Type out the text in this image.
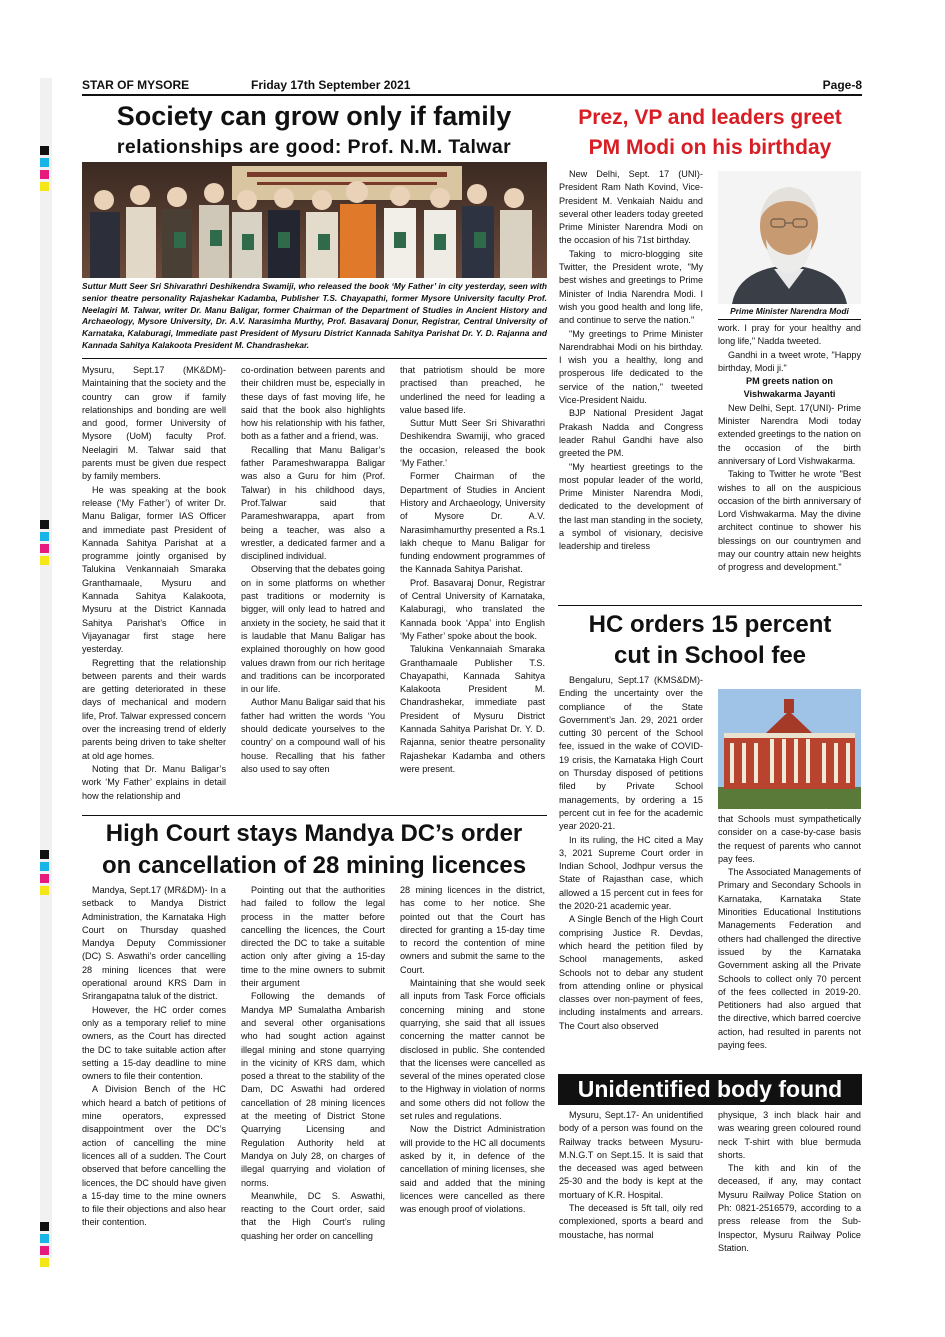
STAR OF MYSORE	Friday 17th September 2021	Page-8
Society can grow only if family
relationships are good: Prof. N.M. Talwar
Suttur Mutt Seer Sri Shivarathri Deshikendra Swamiji, who released the book ‘My Father’ in city yesterday, seen with senior theatre personality Rajashekar Kadamba, Publisher T.S. Chayapathi, former Mysore University faculty Prof. Neelagiri M. Talwar, writer Dr. Manu Baligar, former Chairman of the Department of Studies in Ancient History and Archaeology, Mysore University, Dr. A.V. Narasimha Murthy, Prof. Basavaraj Donur, Registrar, Central University of Karnataka, Kalaburagi, Immediate past President of Mysuru District Kannada Sahitya Parishat Dr. Y. D. Rajanna and Kannada Sahitya Kalakoota President M. Chandrashekar.

Mysuru, Sept.17 (MK&DM)- Maintaining that the society and the country can grow if family relationships and bonding are well and good, former University of Mysore (UoM) faculty Prof. Neelagiri M. Talwar said that parents must be given due respect by family members.

He was speaking at the book release (‘My Father’) of writer Dr. Manu Baligar, former IAS Officer and immediate past President of Kannada Sahitya Parishat at a programme jointly organised by Talukina Venkannaiah Smaraka Granthamaale, Mysuru and Kannada Sahitya Kalakoota, Mysuru at the District Kannada Sahitya Parishat’s Office in Vijayanagar first stage here yesterday.

Regretting that the relationship between parents and their wards are getting deteriorated in these days of mechanical and modern life, Prof. Talwar expressed concern over the increasing trend of elderly parents being driven to take shelter at old age homes.

Noting that Dr. Manu Baligar’s work ‘My Father’ explains in detail how the relationship and

co-ordination between parents and their children must be, especially in these days of fast moving life, he said that the book also highlights how his relationship with his father, both as a father and a friend, was.

Recalling that Manu Baligar’s father Parameshwarappa Baligar was also a Guru for him (Prof. Talwar) in his childhood days, Prof.Talwar said that Parameshwarappa, apart from being a teacher, was also a wrestler, a dedicated farmer and a disciplined individual.

Observing that the debates going on in some platforms on whether past traditions or modernity is bigger, will only lead to hatred and anxiety in the society, he said that it is laudable that Manu Baligar has explained thoroughly on how good values drawn from our rich heritage and traditions can be incorporated in our life.

Author Manu Baligar said that his father had written the words ‘You should dedicate yourselves to the country’ on a compound wall of his house. Recalling that his father also used to say often

that patriotism should be more practised than preached, he underlined the need for leading a value based life.

Suttur Mutt Seer Sri Shivarathri Deshikendra Swamiji, who graced the occasion, released the book ‘My Father.’

Former Chairman of the Department of Studies in Ancient History and Archaeology, University of Mysore Dr. A.V. Narasimhamurthy presented a Rs.1 lakh cheque to Manu Baligar for funding endowment programmes of the Kannada Sahitya Parishat.

Prof. Basavaraj Donur, Registrar of Central University of Karnataka, Kalaburagi, who translated the Kannada book ‘Appa’ into English ‘My Father’ spoke about the book.

Talukina Venkannaiah Smaraka Granthamaale Publisher T.S. Chayapathi, Kannada Sahitya Kalakoota President M. Chandrashekar, immediate past President of Mysuru District Kannada Sahitya Parishat Dr. Y. D. Rajanna, senior theatre personality Rajashekar Kadamba and others were present.

Prez, VP and leaders greet
PM Modi on his birthday

New Delhi, Sept. 17 (UNI)- President Ram Nath Kovind, Vice-President M. Venkaiah Naidu and several other leaders today greeted Prime Minister Narendra Modi on the occasion of his 71st birthday.

Taking to micro-blogging site Twitter, the President wrote, "My best wishes and greetings to Prime Minister of India Narendra Modi. I wish you good health and long life, and continue to serve the nation."

"My greetings to Prime Minister Narendrabhai Modi on his birthday. I wish you a healthy, long and prosperous life dedicated to the service of the nation," tweeted Vice-President Naidu.

BJP National President Jagat Prakash Nadda and Congress leader Rahul Gandhi have also greeted the PM.

"My heartiest greetings to the most popular leader of the world, Prime Minister Narendra Modi, dedicated to the development of the last man standing in the society, a symbol of visionary, decisive leadership and tireless

Prime Minister Narendra Modi

work. I pray for your healthy and long life," Nadda tweeted.

Gandhi in a tweet wrote, "Happy birthday, Modi ji."

PM greets nation on

Vishwakarma Jayanti

New Delhi, Sept. 17(UNI)- Prime Minister Narendra Modi today extended greetings to the nation on the occasion of the birth anniversary of Lord Vishwakarma.

Taking to Twitter he wrote "Best wishes to all on the auspicious occasion of the birth anniversary of Lord Vishwakarma. May the divine architect continue to shower his blessings on our countrymen and may our country attain new heights of progress and development."

HC orders 15 percent
cut in School fee

Bengaluru, Sept.17 (KMS&DM)- Ending the uncertainty over the compliance of the State Government’s Jan. 29, 2021 order cutting 30 percent of the School fee, issued in the wake of COVID-19 crisis, the Karnataka High Court on Thursday disposed of petitions filed by Private School managements, by ordering a 15 percent cut in fee for the academic year 2020-21.

In its ruling, the HC cited a May 3, 2021 Supreme Court order in Indian School, Jodhpur versus the State of Rajasthan case, which allowed a 15 percent cut in fees for the 2020-21 academic year.

A Single Bench of the High Court comprising Justice R. Devdas, which heard the petition filed by School managements, asked Schools not to debar any student from attending online or physical classes over non-payment of fees, including instalments and arrears. The Court also observed

that Schools must sympathetically consider on a case-by-case basis the request of parents who cannot pay fees.

The Associated Managements of Primary and Secondary Schools in Karnataka, Karnataka State Minorities Educational Institutions Managements Federation and others had challenged the directive issued by the Karnataka Government asking all the Private Schools to collect only 70 percent of the fees collected in 2019-20. Petitioners had also argued that the directive, which barred coercive action, had resulted in parents not paying fees.

High Court stays Mandya DC’s order
on cancellation of 28 mining licences

Mandya, Sept.17 (MR&DM)- In a setback to Mandya District Administration, the Karnataka High Court on Thursday quashed Mandya Deputy Commissioner (DC) S. Aswathi’s order cancelling 28 mining licences that were operational around KRS Dam in Srirangapatna taluk of the district.

However, the HC order comes only as a temporary relief to mine owners, as the Court has directed the DC to take suitable action after setting a 15-day deadline to mine owners to file their contention.

A Division Bench of the HC which heard a batch of petitions of mine operators, expressed disappointment over the DC’s action of cancelling the mine licences all of a sudden. The Court observed that before cancelling the licences, the DC should have given a 15-day time to the mine owners to file their objections and also hear their contention.

Pointing out that the authorities had failed to follow the legal process in the matter before cancelling the licences, the Court directed the DC to take a suitable action only after giving a 15-day time to the mine owners to submit their argument

Following the demands of Mandya MP Sumalatha Ambarish and several other organisations who had sought action against illegal mining and stone quarrying in the vicinity of KRS dam, which posed a threat to the stability of the Dam, DC Aswathi had ordered cancellation of 28 mining licences at the meeting of District Stone Quarrying Licensing and Regulation Authority held at Mandya on July 28, on charges of illegal quarrying and violation of norms.

Meanwhile, DC S. Aswathi, reacting to the Court order, said that the High Court’s ruling quashing her order on cancelling

28 mining licences in the district, has come to her notice. She pointed out that the Court has directed for granting a 15-day time to record the contention of mine owners and submit the same to the Court.

Maintaining that she would seek all inputs from Task Force officials concerning mining and stone quarrying, she said that all issues concerning the matter cannot be disclosed in public. She contended that the licenses were cancelled as several of the mines operated close to the Highway in violation of norms and some others did not follow the set rules and regulations.

Now the District Administration will provide to the HC all documents asked by it, in defence of the cancellation of mining licenses, she said and added that the mining licences were cancelled as there was enough proof of violations.

Unidentified body found

Mysuru, Sept.17- An unidentified body of a person was found on the Railway tracks between Mysuru-M.N.G.T on Sept.15. It is said that the deceased was aged between 25-30 and the body is kept at the mortuary of K.R. Hospital.

The deceased is 5ft tall, oily red complexioned, sports a beard and moustache, has normal

physique, 3 inch black hair and was wearing green coloured round neck T-shirt with blue bermuda shorts.

The kith and kin of the deceased, if any, may contact Mysuru Railway Police Station on Ph: 0821-2516579, according to a press release from the Sub-Inspector, Mysuru Railway Police Station.
